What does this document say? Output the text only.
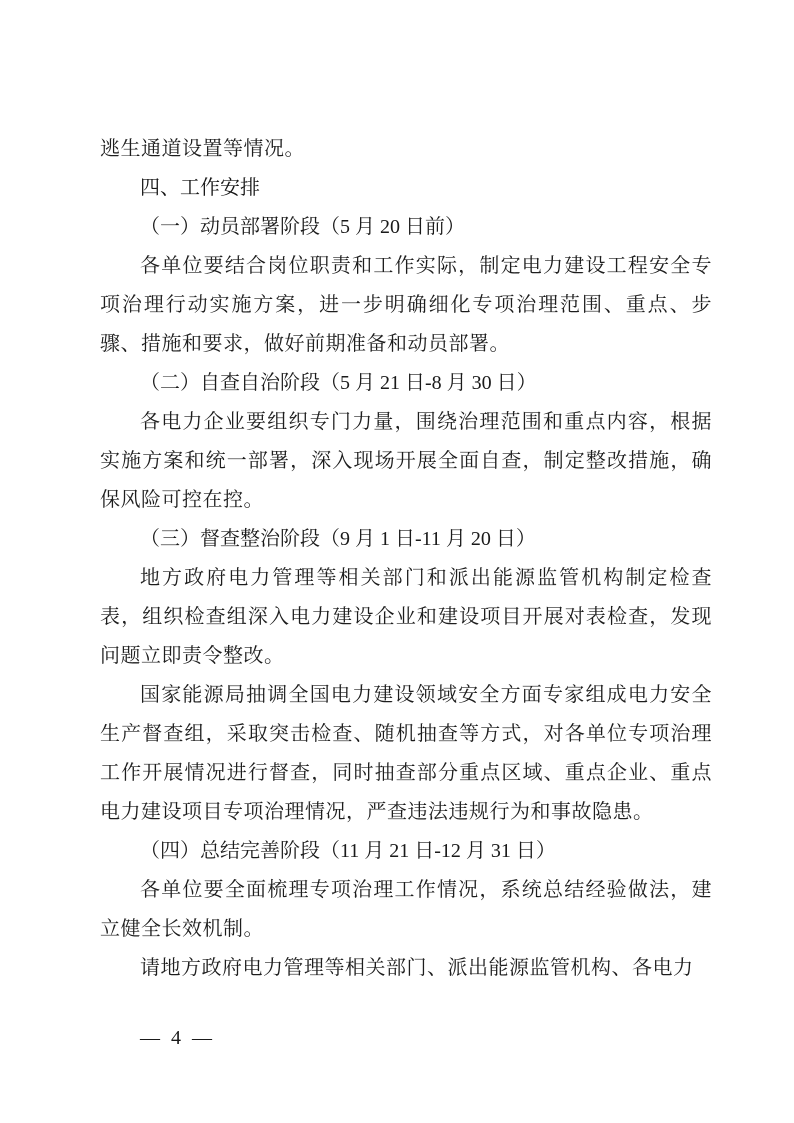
逃生通道设置等情况。

四、工作安排
（一）动员部署阶段（5 月 20 日前）

各单位要结合岗位职责和工作实际，制定电力建设工程安全专项治理行动实施方案，进一步明确细化专项治理范围、重点、步骤、措施和要求，做好前期准备和动员部署。

（二）自查自治阶段（5 月 21 日-8 月 30 日）

各电力企业要组织专门力量，围绕治理范围和重点内容，根据实施方案和统一部署，深入现场开展全面自查，制定整改措施，确保风险可控在控。

（三）督查整治阶段（9 月 1 日-11 月 20 日）

地方政府电力管理等相关部门和派出能源监管机构制定检查表，组织检查组深入电力建设企业和建设项目开展对表检查，发现问题立即责令整改。

国家能源局抽调全国电力建设领域安全方面专家组成电力安全生产督查组，采取突击检查、随机抽查等方式，对各单位专项治理工作开展情况进行督查，同时抽查部分重点区域、重点企业、重点电力建设项目专项治理情况，严查违法违规行为和事故隐患。

（四）总结完善阶段（11 月 21 日-12 月 31 日）

各单位要全面梳理专项治理工作情况，系统总结经验做法，建立健全长效机制。

请地方政府电力管理等相关部门、派出能源监管机构、各电力

— 4 —
